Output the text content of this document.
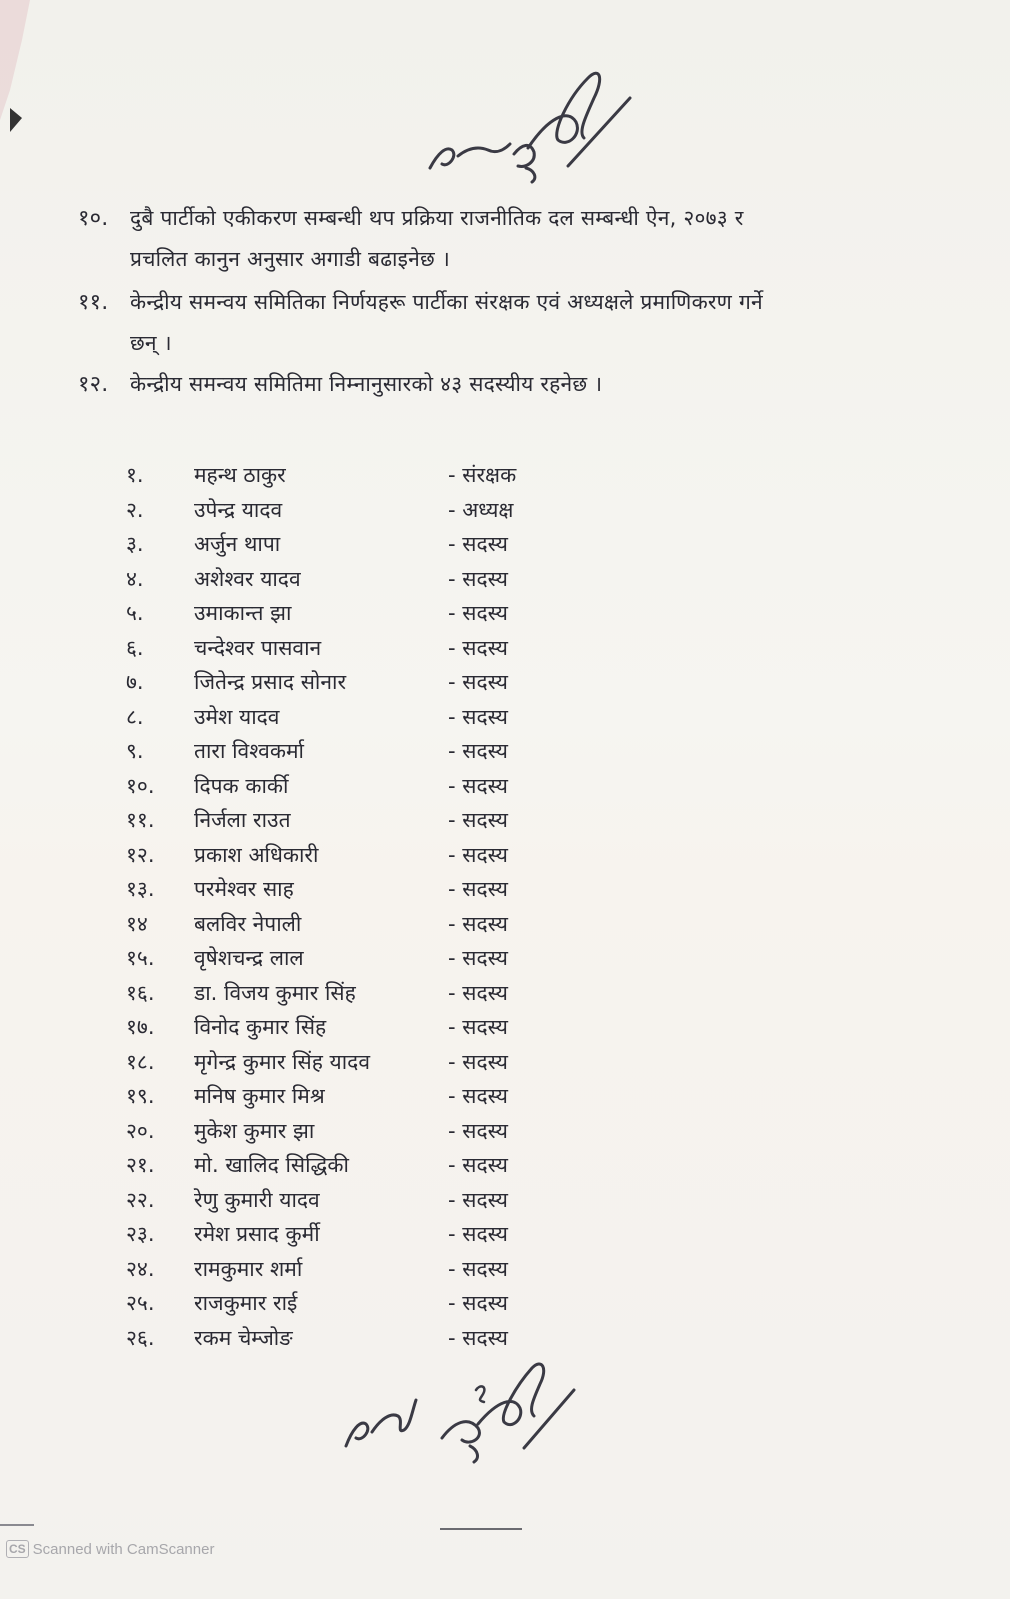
१०. दुबै पार्टीको एकीकरण सम्बन्धी थप प्रक्रिया राजनीतिक दल सम्बन्धी ऐन, २०७३ र
प्रचलित कानुन अनुसार अगाडी बढाइनेछ ।
११. केन्द्रीय समन्वय समितिका निर्णयहरू पार्टीका संरक्षक एवं अध्यक्षले प्रमाणिकरण गर्ने
छन् ।
१२. केन्द्रीय समन्वय समितिमा निम्नानुसारको ४३ सदस्यीय रहनेछ ।
१.	महन्थ ठाकुर	- संरक्षक
२.	उपेन्द्र यादव	- अध्यक्ष
३.	अर्जुन थापा	- सदस्य
४.	अशेश्वर यादव	- सदस्य
५.	उमाकान्त झा	- सदस्य
६.	चन्देश्वर पासवान	- सदस्य
७.	जितेन्द्र प्रसाद सोनार	- सदस्य
८.	उमेश यादव	- सदस्य
९.	तारा विश्वकर्मा	- सदस्य
१०.	दिपक कार्की	- सदस्य
११.	निर्जला राउत	- सदस्य
१२.	प्रकाश अधिकारी	- सदस्य
१३.	परमेश्वर साह	- सदस्य
१४	बलविर नेपाली	- सदस्य
१५.	वृषेशचन्द्र लाल	- सदस्य
१६.	डा. विजय कुमार सिंह	- सदस्य
१७.	विनोद कुमार सिंह	- सदस्य
१८.	मृगेन्द्र कुमार सिंह यादव	- सदस्य
१९.	मनिष कुमार मिश्र	- सदस्य
२०.	मुकेश कुमार झा	- सदस्य
२१.	मो. खालिद सिद्धिकी	- सदस्य
२२.	रेणु कुमारी यादव	- सदस्य
२३.	रमेश प्रसाद कुर्मी	- सदस्य
२४.	रामकुमार शर्मा	- सदस्य
२५.	राजकुमार राई	- सदस्य
२६.	रकम चेम्जोङ	- सदस्य
CS Scanned with CamScanner
